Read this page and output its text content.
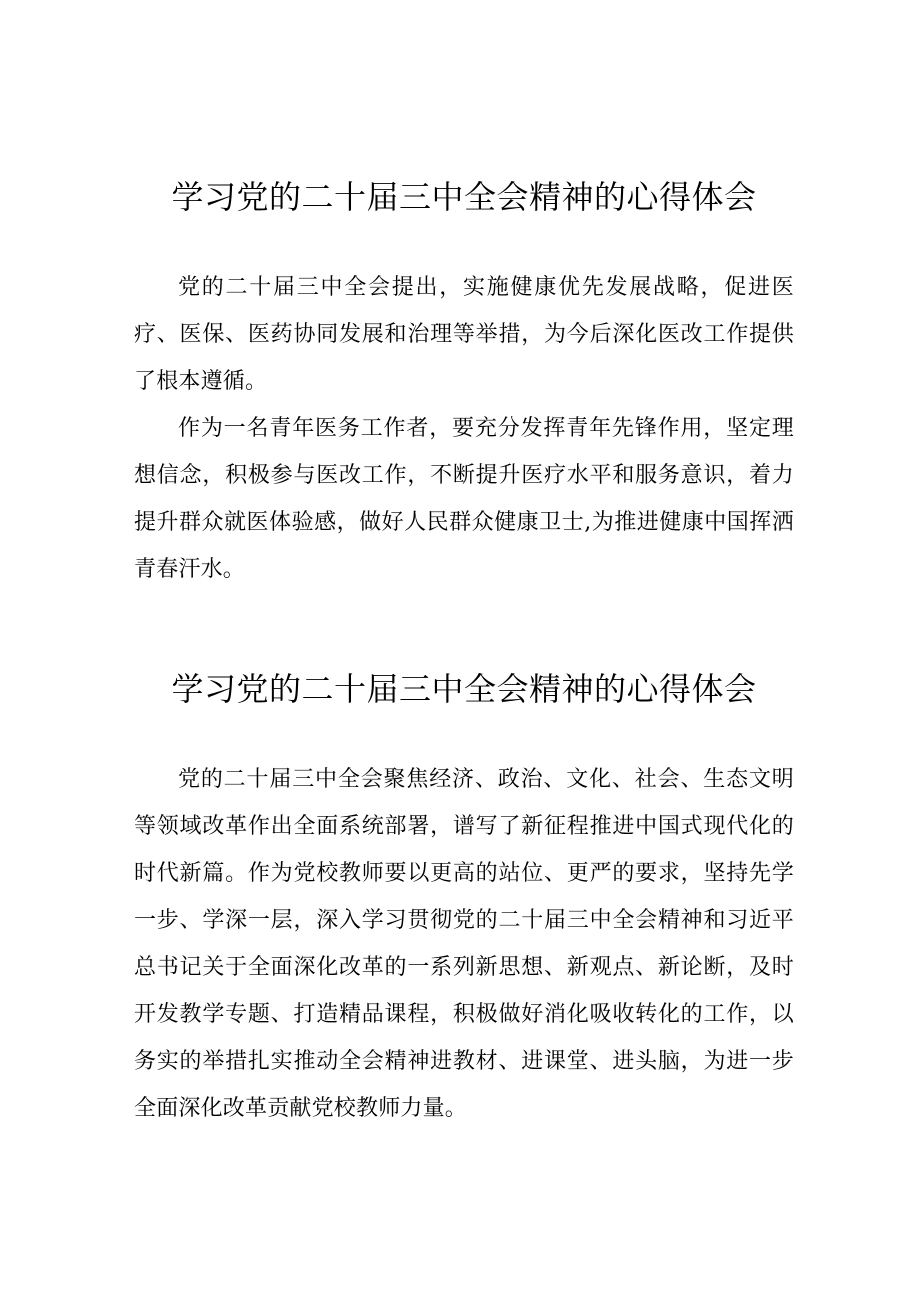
学习党的二十届三中全会精神的心得体会

党的二十届三中全会提出，实施健康优先发展战略，促进医疗、医保、医药协同发展和治理等举措，为今后深化医改工作提供了根本遵循。

作为一名青年医务工作者，要充分发挥青年先锋作用，坚定理想信念，积极参与医改工作，不断提升医疗水平和服务意识，着力提升群众就医体验感，做好人民群众健康卫士,为推进健康中国挥洒青春汗水。

学习党的二十届三中全会精神的心得体会

党的二十届三中全会聚焦经济、政治、文化、社会、生态文明等领域改革作出全面系统部署，谱写了新征程推进中国式现代化的时代新篇。作为党校教师要以更高的站位、更严的要求，坚持先学一步、学深一层，深入学习贯彻党的二十届三中全会精神和习近平总书记关于全面深化改革的一系列新思想、新观点、新论断，及时开发教学专题、打造精品课程，积极做好消化吸收转化的工作，以务实的举措扎实推动全会精神进教材、进课堂、进头脑，为进一步全面深化改革贡献党校教师力量。
